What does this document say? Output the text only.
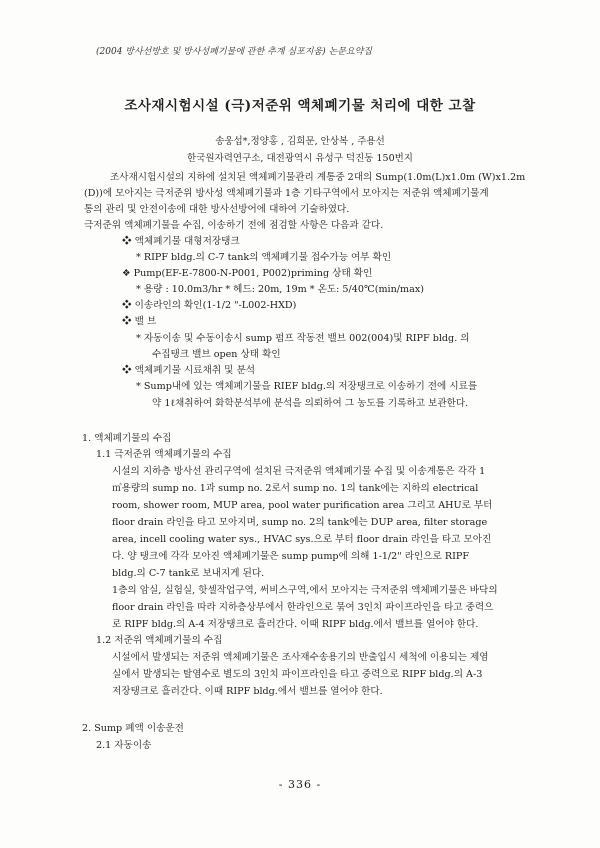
(2004 방사선방호 및 방사성폐기물에 관한 추계 심포지움) 논문요약집
조사재시험시설 (극)저준위 액체폐기물 처리에 대한 고찰
송웅섭*,정양홍 , 김희문, 안상복 , 주용선
한국원자력연구소, 대전광역시 유성구 덕진동 150번지
조사재시험시설의 지하에 설치된 액체폐기물관리 계통중 2대의 Sump(1.0m(L)x1.0m (W)x1.2m
(D))에 모아지는 극저준위 방사성 액체폐기물과 1층 기타구역에서 모아지는 저준위 액체폐기물계
통의 관리 및 안전이송에 대한 방사선방어에 대하여 기술하였다.
극저준위 액체폐기물을 수집, 이송하기 전에 점검할 사항은 다음과 같다.
❖ 액체폐기물 대형저장탱크
* RIPF bldg.의 C-7 tank의 액체폐기물 접수가능 여부 확인
❖ Pump(EF-E-7800-N-P001, P002)priming 상태 확인
* 용량 : 10.0m3/hr * 헤드: 20m, 19m * 온도: 5/40℃(min/max)
❖ 이송라인의 확인(1-1/2 "-L002-HXD)
❖ 밸 브
* 자동이송 및 수동이송시 sump 펌프 작동전 밸브 002(004)및 RIPF bldg. 의
수집탱크 밸브 open 상태 확인
❖ 액체폐기물 시료채취 및 분석
* Sump내에 있는 액체폐기물을 RIEF bldg.의 저장탱크로 이송하기 전에 시료를
약 1ℓ채취하여 화학분석부에 분석을 의뢰하여 그 농도를 기록하고 보관한다.
1. 액체폐기물의 수집
1.1 극저준위 액체폐기물의 수집
시설의 지하층 방사선 관리구역에 설치된 극저준위 액체폐기물 수집 및 이송계통은 각각 1
㎥용량의 sump no. 1과 sump no. 2로서 sump no. 1의 tank에는 지하의 electrical
room, shower room, MUP area, pool water purification area 그리고 AHU로 부터
floor drain 라인을 타고 모아지며, sump no. 2의 tank에는 DUP area, filter storage
area, incell cooling water sys., HVAC sys.으로 부터 floor drain 라인을 타고 모아진
다. 양 탱크에 각각 모아진 액체폐기물은 sump pump에 의해 1-1/2" 라인으로 RIPF
bldg.의 C-7 tank로 보내지게 된다.
1층의 암실, 실험실, 핫셀작업구역, 써비스구역,에서 모아지는 극저준위 액체폐기물은 바닥의
floor drain 라인을 따라 지하층상부에서 한라인으로 묶여 3인치 파이프라인을 타고 중력으
로 RIPF bldg.의 A-4 저장탱크로 흘러간다. 이때 RIPF bldg.에서 밸브를 열어야 한다.
1.2 저준위 액체폐기물의 수집
시설에서 발생되는 저준위 액체폐기물은 조사재수송용기의 반출입시 세척에 이용되는 제염
실에서 발생되는 탈염수로 별도의 3인치 파이프라인을 타고 중력으로 RIPF bldg.의 A-3
저장탱크로 흘러간다. 이때 RIPF bldg.에서 밸브를 열어야 한다.
2. Sump 폐액 이송운전
2.1 자동이송
- 336 -
